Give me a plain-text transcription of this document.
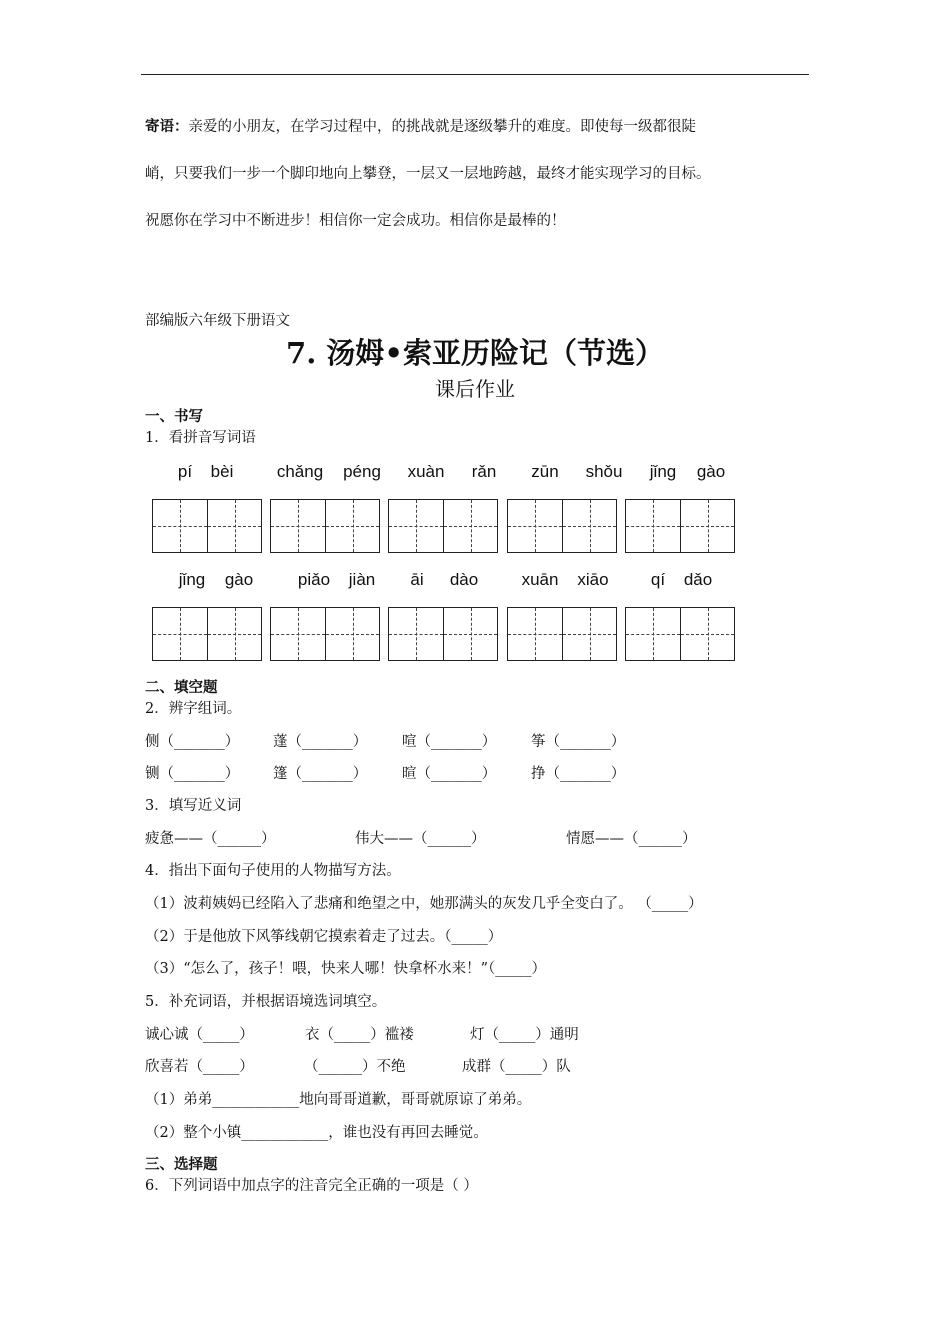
寄语：亲爱的小朋友，在学习过程中，的挑战就是逐级攀升的难度。即使每一级都很陡
峭，只要我们一步一个脚印地向上攀登，一层又一层地跨越，最终才能实现学习的目标。
祝愿你在学习中不断进步！相信你一定会成功。相信你是最棒的！
部编版六年级下册语文
7. 汤姆•索亚历险记（节选）
课后作业
一、书写
1．看拼音写词语
pí	bèi	chǎng	péng	xuàn	rǎn	zūn	shǒu	jǐng	gào
jǐng	gào	piǎo	jiàn	āi	dào	xuān	xiāo	qí	dǎo
二、填空题
2．辨字组词。
侧（_______） 蓬（_______） 喧（_______） 筝（_______）
铡（_______） 篷（_______） 暄（_______） 挣（_______）
3．填写近义词
疲惫——（______）	伟大——（______）	情愿——（______）
4．指出下面句子使用的人物描写方法。
（1）波莉姨妈已经陷入了悲痛和绝望之中，她那满头的灰发几乎全变白了。 （_____）
（2）于是他放下风筝线朝它摸索着走了过去。（_____）
（3）“怎么了，孩子！喂，快来人哪！快拿杯水来！”（_____）
5．补充词语，并根据语境选词填空。
诚心诚（_____）	衣（_____）褴褛	灯（_____）通明
欣喜若（_____）	（______）不绝	成群（_____）队
（1）弟弟____________地向哥哥道歉，哥哥就原谅了弟弟。
（2）整个小镇____________，谁也没有再回去睡觉。
三、选择题
6．下列词语中加点字的注音完全正确的一项是（ ）
